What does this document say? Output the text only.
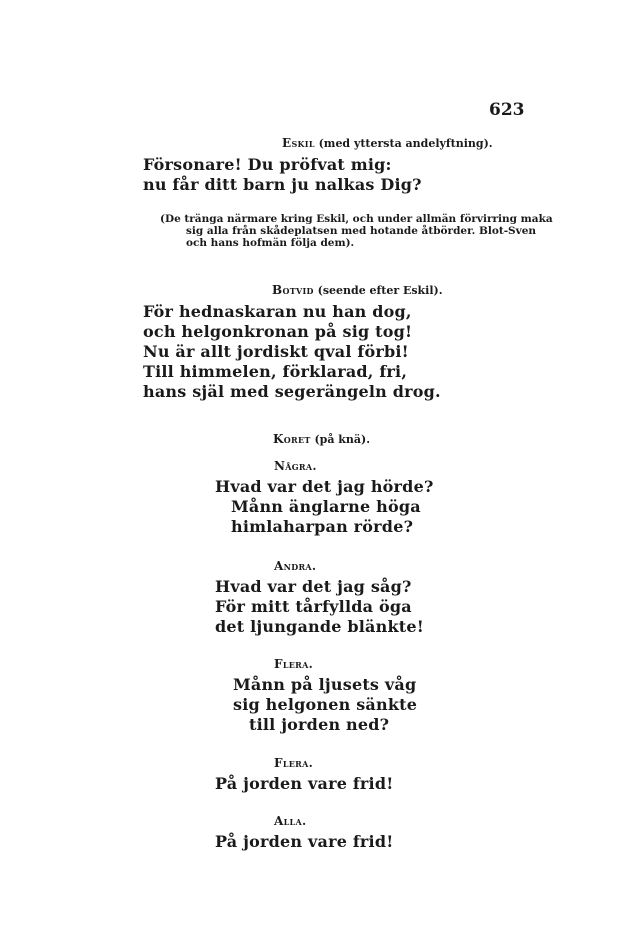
623
Eskil (med yttersta andelyftning).
Försonare! Du pröfvat mig:
nu får ditt barn ju nalkas Dig?
(De tränga närmare kring Eskil, och under allmän förvirring maka
sig alla från skådeplatsen med hotande åtbörder. Blot-Sven
och hans hofmän följa dem).
Botvid (seende efter Eskil).
För hednaskaran nu han dog,
och helgonkronan på sig tog!
Nu är allt jordiskt qval förbi!
Till himmelen, förklarad, fri,
hans själ med segerängeln drog.
Koret (på knä).
Några.
Hvad var det jag hörde?
Månn änglarne höga
himlaharpan rörde?
Andra.
Hvad var det jag såg?
För mitt tårfyllda öga
det ljungande blänkte!
Flera.
Månn på ljusets våg
sig helgonen sänkte
till jorden ned?
Flera.
På jorden vare frid!
Alla.
På jorden vare frid!
